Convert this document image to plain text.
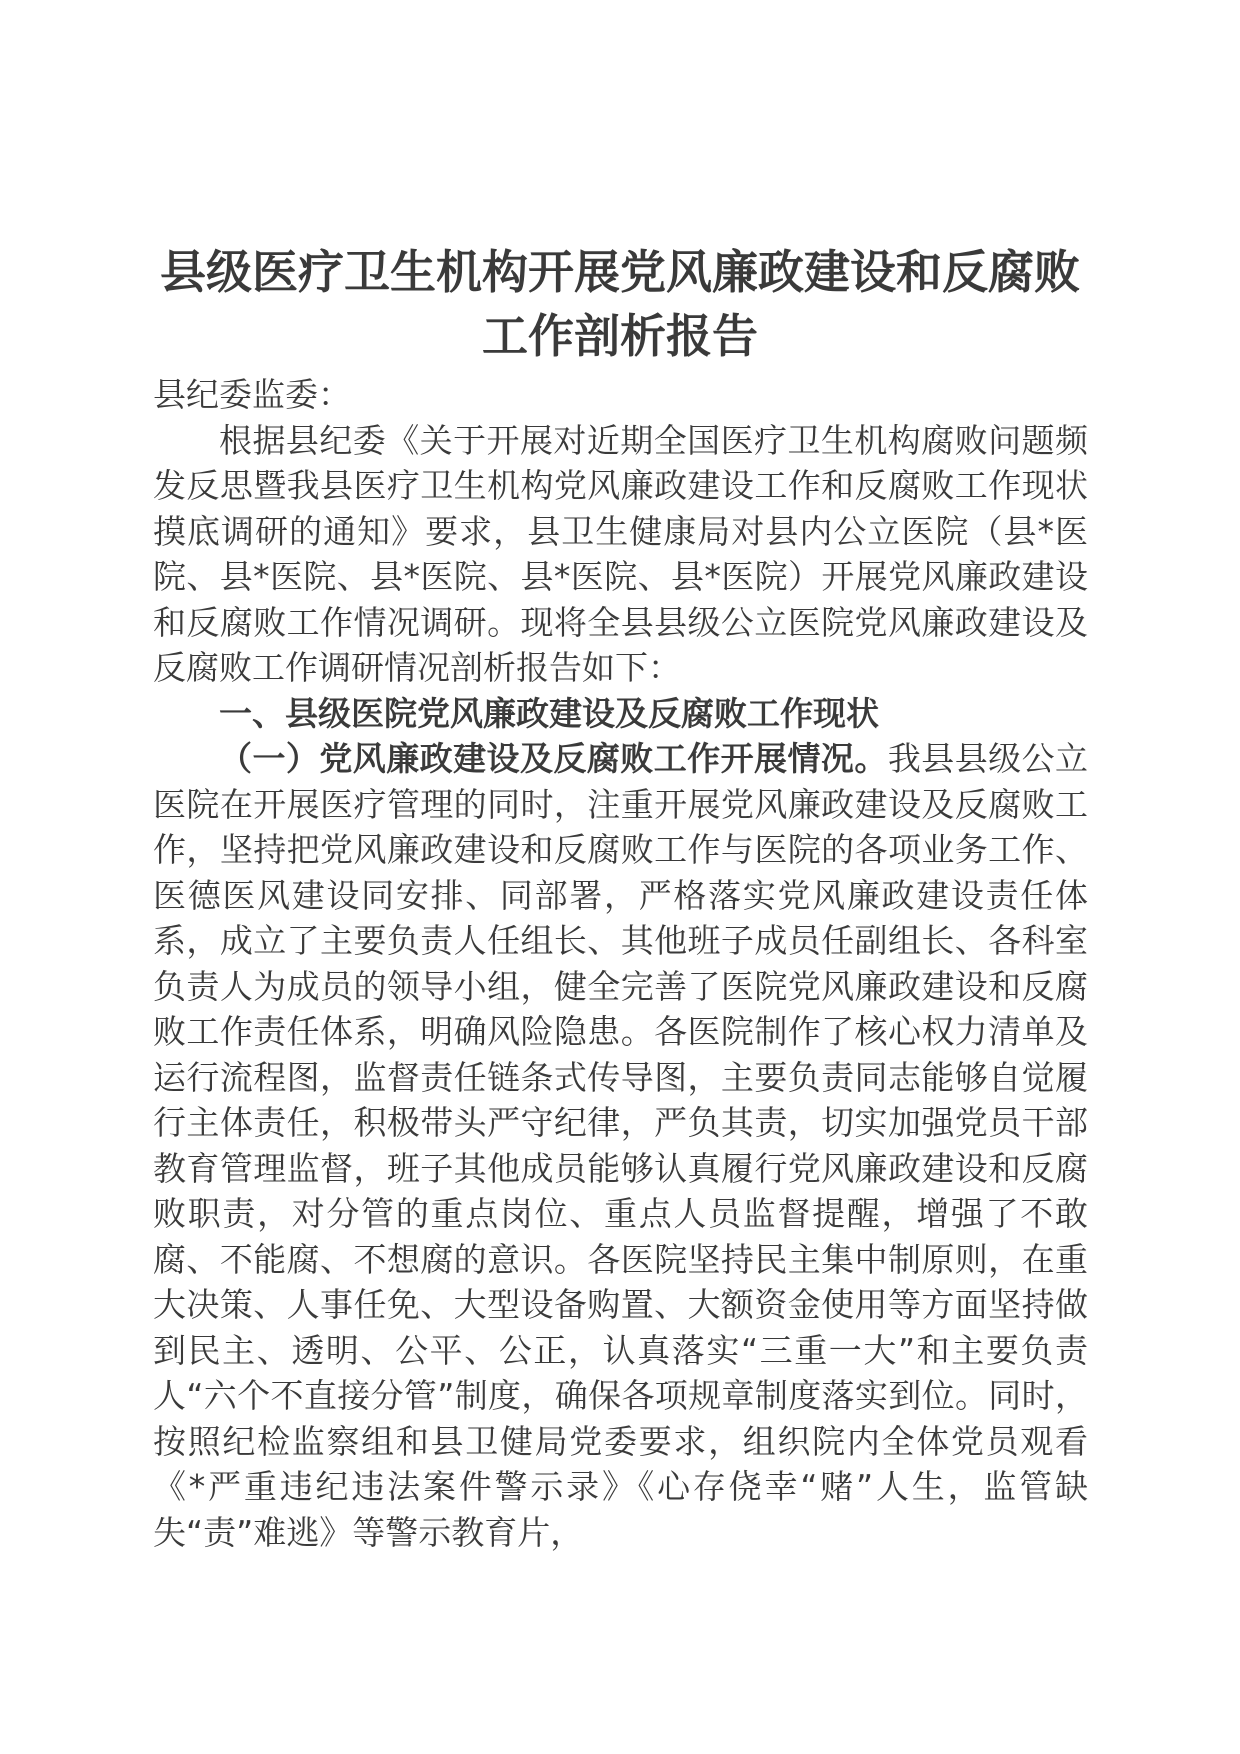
县级医疗卫生机构开展党风廉政建设和反腐败
工作剖析报告

县纪委监委：

根据县纪委《关于开展对近期全国医疗卫生机构腐败问题频发反思暨我县医疗卫生机构党风廉政建设工作和反腐败工作现状摸底调研的通知》要求，县卫生健康局对县内公立医院（县*医院、县*医院、县*医院、县*医院、县*医院）开展党风廉政建设和反腐败工作情况调研。现将全县县级公立医院党风廉政建设及反腐败工作调研情况剖析报告如下：

一、县级医院党风廉政建设及反腐败工作现状

（一）党风廉政建设及反腐败工作开展情况。我县县级公立医院在开展医疗管理的同时，注重开展党风廉政建设及反腐败工作，坚持把党风廉政建设和反腐败工作与医院的各项业务工作、医德医风建设同安排、同部署，严格落实党风廉政建设责任体系，成立了主要负责人任组长、其他班子成员任副组长、各科室负责人为成员的领导小组，健全完善了医院党风廉政建设和反腐败工作责任体系，明确风险隐患。各医院制作了核心权力清单及运行流程图，监督责任链条式传导图，主要负责同志能够自觉履行主体责任，积极带头严守纪律，严负其责，切实加强党员干部教育管理监督，班子其他成员能够认真履行党风廉政建设和反腐败职责，对分管的重点岗位、重点人员监督提醒，增强了不敢腐、不能腐、不想腐的意识。各医院坚持民主集中制原则，在重大决策、人事任免、大型设备购置、大额资金使用等方面坚持做到民主、透明、公平、公正，认真落实“三重一大”和主要负责人“六个不直接分管”制度，确保各项规章制度落实到位。同时，按照纪检监察组和县卫健局党委要求，组织院内全体党员观看《*严重违纪违法案件警示录》《心存侥幸“赌”人生，监管缺失“责”难逃》等警示教育片，
